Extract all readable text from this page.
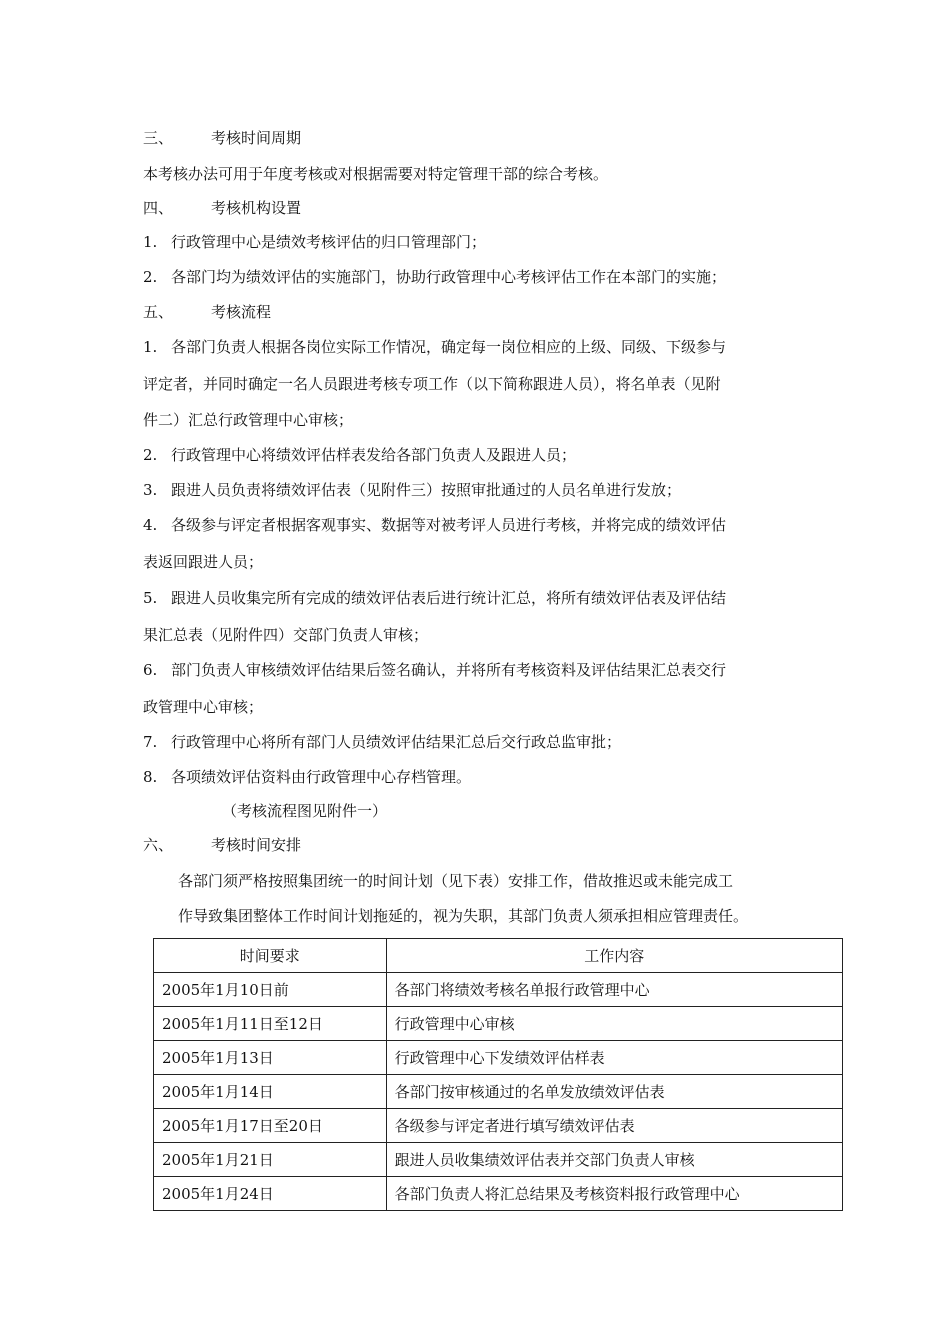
三、	考核时间周期
本考核办法可用于年度考核或对根据需要对特定管理干部的综合考核。
四、	考核机构设置
1. 行政管理中心是绩效考核评估的归口管理部门；
2. 各部门均为绩效评估的实施部门，协助行政管理中心考核评估工作在本部门的实施；
五、	考核流程
1. 各部门负责人根据各岗位实际工作情况，确定每一岗位相应的上级、同级、下级参与
评定者，并同时确定一名人员跟进考核专项工作（以下简称跟进人员），将名单表（见附
件二）汇总行政管理中心审核；
2. 行政管理中心将绩效评估样表发给各部门负责人及跟进人员；
3. 跟进人员负责将绩效评估表（见附件三）按照审批通过的人员名单进行发放；
4. 各级参与评定者根据客观事实、数据等对被考评人员进行考核，并将完成的绩效评估
表返回跟进人员；
5. 跟进人员收集完所有完成的绩效评估表后进行统计汇总，将所有绩效评估表及评估结
果汇总表（见附件四）交部门负责人审核；
6. 部门负责人审核绩效评估结果后签名确认，并将所有考核资料及评估结果汇总表交行
政管理中心审核；
7. 行政管理中心将所有部门人员绩效评估结果汇总后交行政总监审批；
8. 各项绩效评估资料由行政管理中心存档管理。
（考核流程图见附件一）
六、	考核时间安排
各部门须严格按照集团统一的时间计划（见下表）安排工作，借故推迟或未能完成工
作导致集团整体工作时间计划拖延的，视为失职，其部门负责人须承担相应管理责任。
时间要求	工作内容
2005年1月10日前	各部门将绩效考核名单报行政管理中心
2005年1月11日至12日	行政管理中心审核
2005年1月13日	行政管理中心下发绩效评估样表
2005年1月14日	各部门按审核通过的名单发放绩效评估表
2005年1月17日至20日	各级参与评定者进行填写绩效评估表
2005年1月21日	跟进人员收集绩效评估表并交部门负责人审核
2005年1月24日	各部门负责人将汇总结果及考核资料报行政管理中心
